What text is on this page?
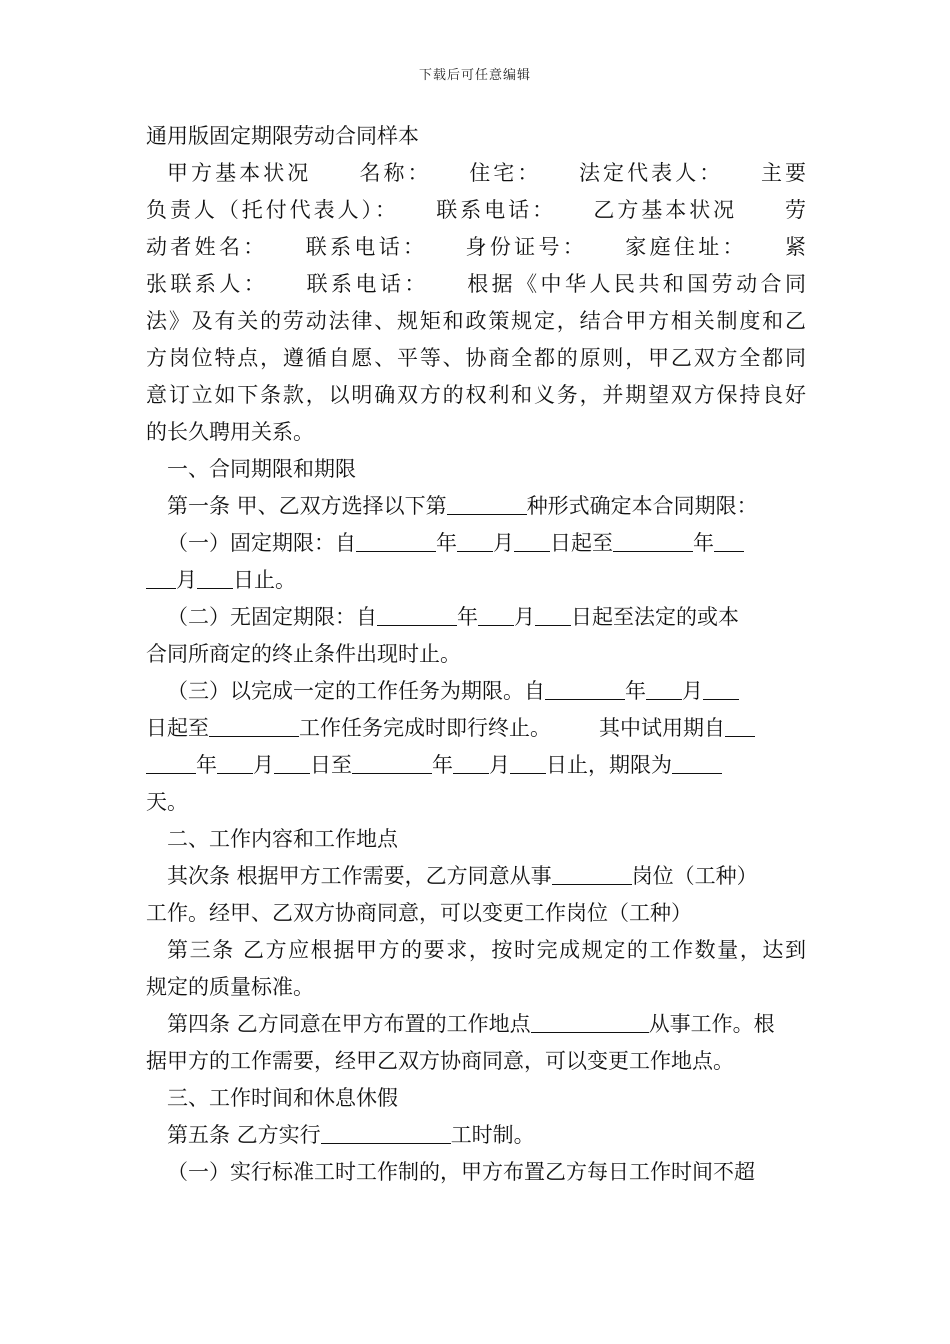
下载后可任意编辑

通用版固定期限劳动合同样本

甲方基本状况　　名称：　　住宅：　　法定代表人：　　主要

负责人（托付代表人）：　　联系电话：　　乙方基本状况　　劳

动者姓名：　　联系电话：　　身份证号：　　家庭住址：　　紧

张联系人：　　联系电话：　　根据《中华人民共和国劳动合同

法》及有关的劳动法律、规矩和政策规定，结合甲方相关制度和乙

方岗位特点，遵循自愿、平等、协商全都的原则，甲乙双方全都同

意订立如下条款，以明确双方的权利和义务，并期望双方保持良好

的长久聘用关系。

一、合同期限和期限

第一条 甲、乙双方选择以下第	种形式确定本合同期限：

（一）固定期限：自	年 月 日起至	年

月 日止。

（二）无固定期限：自	年 月 日起至法定的或本

合同所商定的终止条件出现时止。

（三）以完成一定的工作任务为期限。自	年 月

日起至	工作任务完成时即行终止。 其中试用期自

年 月 日至	年 月 日止，期限为

天。

二、工作内容和工作地点

其次条 根据甲方工作需要，乙方同意从事	岗位（工种）

工作。经甲、乙双方协商同意，可以变更工作岗位（工种）

第三条 乙方应根据甲方的要求，按时完成规定的工作数量，达到

规定的质量标准。

第四条 乙方同意在甲方布置的工作地点	从事工作。根

据甲方的工作需要，经甲乙双方协商同意，可以变更工作地点。

三、工作时间和休息休假

第五条 乙方实行	工时制。

（一）实行标准工时工作制的，甲方布置乙方每日工作时间不超
